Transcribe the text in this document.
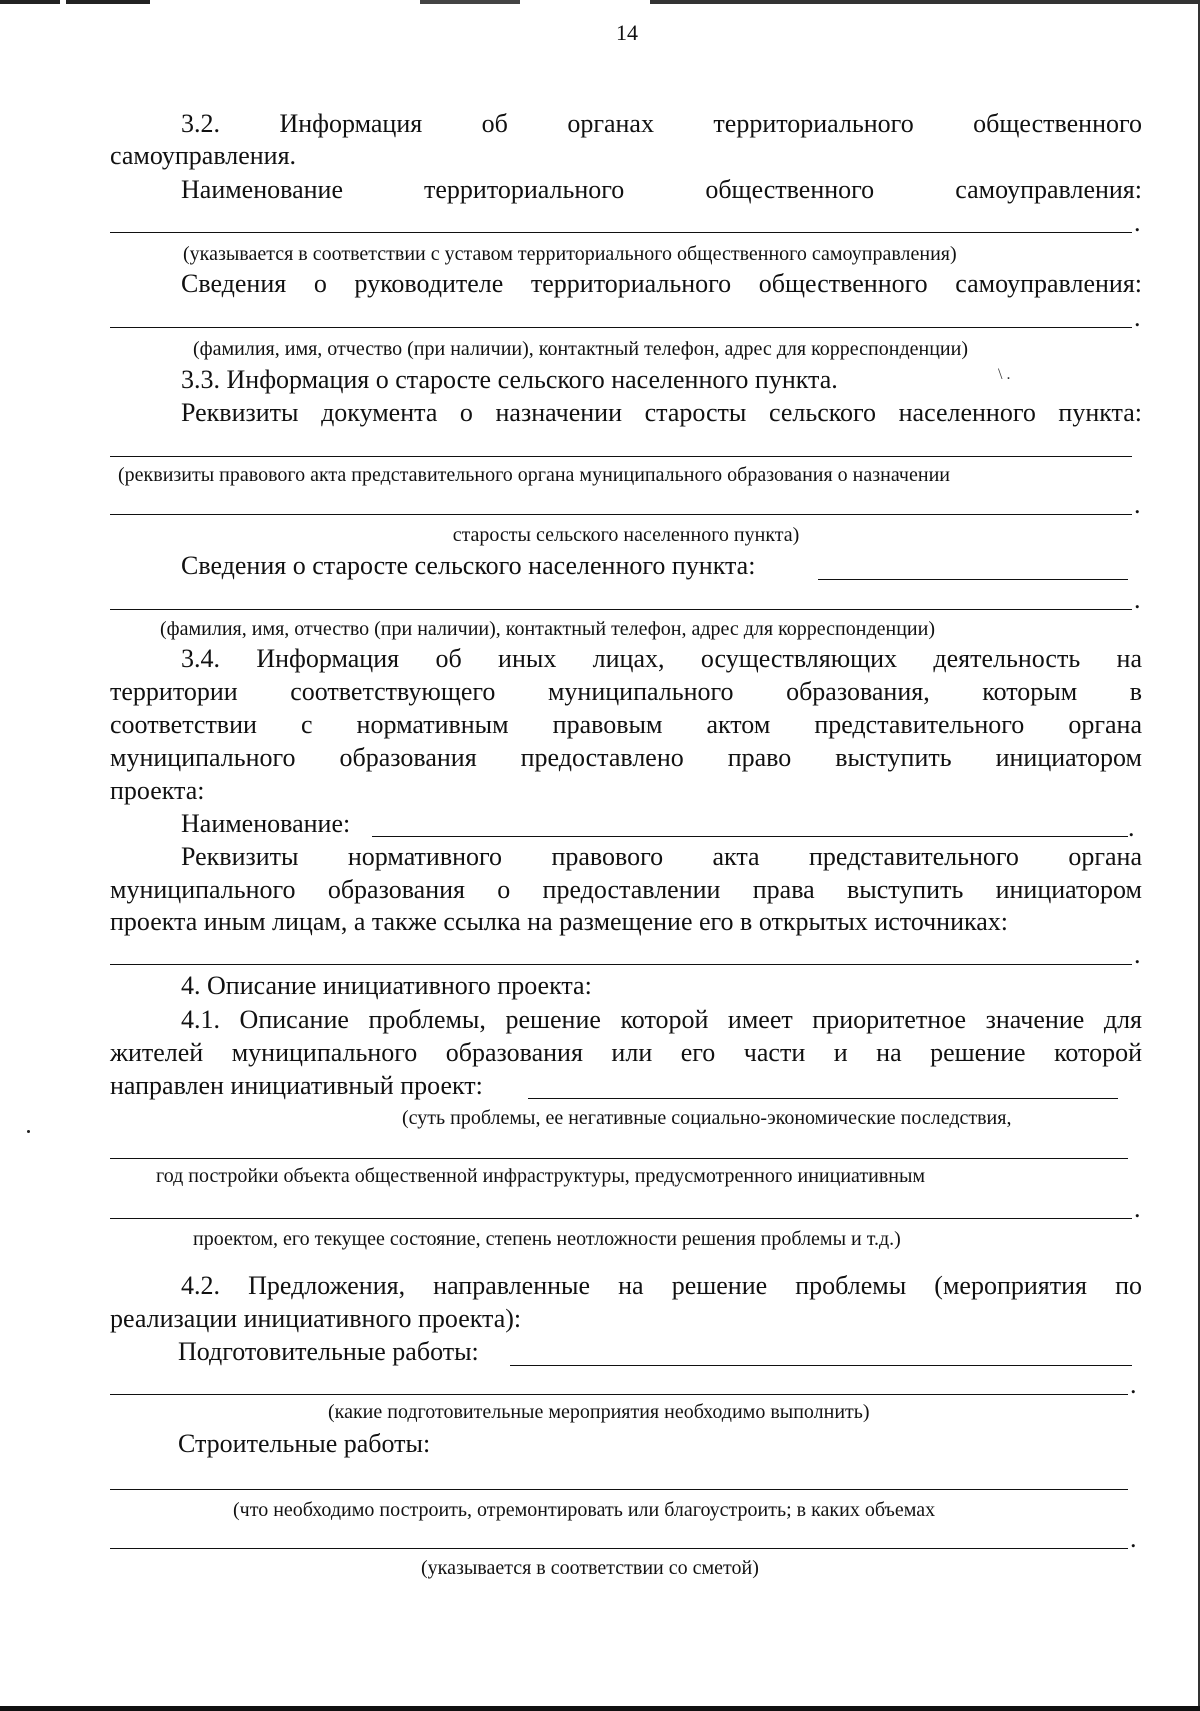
14
3.2. Информация об органах территориального общественного
самоуправления.
Наименование территориального общественного самоуправления:
.
(указывается в соответствии с уставом территориального общественного самоуправления)
Сведения о руководителе территориального общественного самоуправления:
.
(фамилия, имя, отчество (при наличии), контактный телефон, адрес для корреспонденции)
3.3. Информация о старосте сельского населенного пункта.	\ .
Реквизиты документа о назначении старосты сельского населенного пункта:
(реквизиты правового акта представительного органа муниципального образования о назначении
.
старосты сельского населенного пункта)
Сведения о старосте сельского населенного пункта:
.
(фамилия, имя, отчество (при наличии), контактный телефон, адрес для корреспонденции)
3.4. Информация об иных лицах, осуществляющих деятельность на
территории соответствующего муниципального образования, которым в
соответствии с нормативным правовым актом представительного органа
муниципального образования предоставлено право выступить инициатором
проекта:
Наименование:	.
Реквизиты нормативного правового акта представительного органа
муниципального образования о предоставлении права выступить инициатором
проекта иным лицам, а также ссылка на размещение его в открытых источниках:
.
4. Описание инициативного проекта:
4.1. Описание проблемы, решение которой имеет приоритетное значение для
жителей муниципального образования или его части и на решение которой
направлен инициативный проект:
(суть проблемы, ее негативные социально-экономические последствия,
год постройки объекта общественной инфраструктуры, предусмотренного инициативным
.
проектом, его текущее состояние, степень неотложности решения проблемы и т.д.)
4.2. Предложения, направленные на решение проблемы (мероприятия по
реализации инициативного проекта):
Подготовительные работы:
.
(какие подготовительные мероприятия необходимо выполнить)
Строительные работы:
(что необходимо построить, отремонтировать или благоустроить; в каких объемах
.
(указывается в соответствии со сметой)
